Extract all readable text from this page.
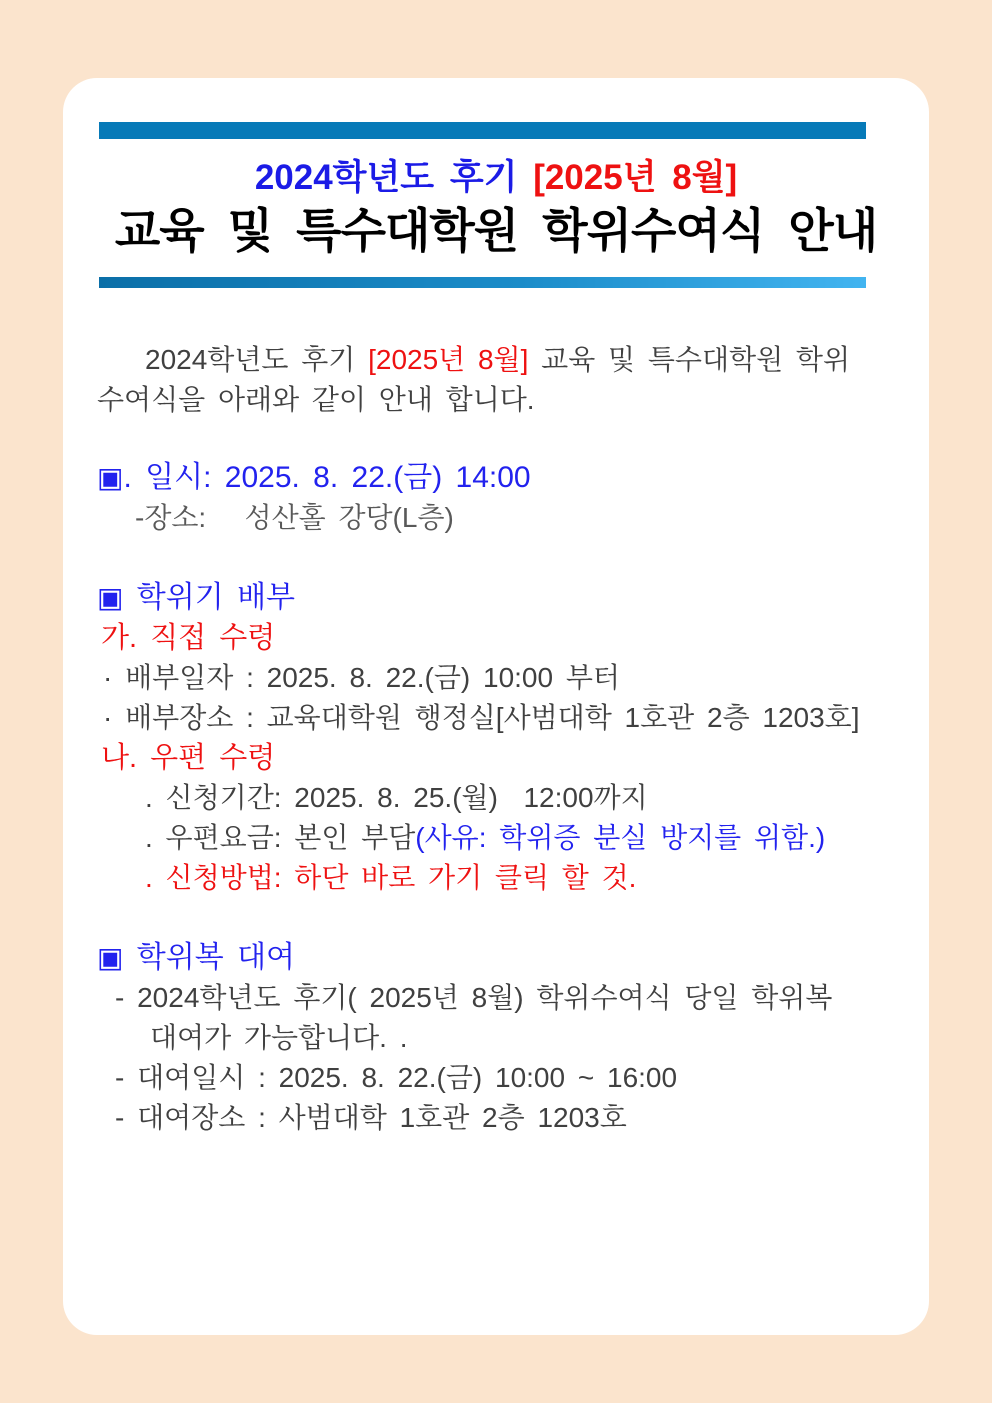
2024학년도 후기 [2025년 8월]
교육 및 특수대학원 학위수여식 안내
2024학년도 후기 [2025년 8월] 교육 및 특수대학원 학위
수여식을 아래와 같이 안내 합니다.
▣. 일시: 2025. 8. 22.(금) 14:00
-장소:   성산홀 강당(L층)
▣ 학위기 배부
가. 직접 수령
· 배부일자 : 2025. 8. 22.(금) 10:00 부터
· 배부장소 : 교육대학원 행정실[사범대학 1호관 2층 1203호]
나. 우편 수령
. 신청기간: 2025. 8. 25.(월)  12:00까지
. 우편요금: 본인 부담(사유: 학위증 분실 방지를 위함.)
. 신청방법: 하단 바로 가기 클릭 할 것.
▣ 학위복 대여
- 2024학년도 후기( 2025년 8월) 학위수여식 당일 학위복
대여가 가능합니다. .
- 대여일시 : 2025. 8. 22.(금) 10:00 ~ 16:00
- 대여장소 : 사범대학 1호관 2층 1203호
